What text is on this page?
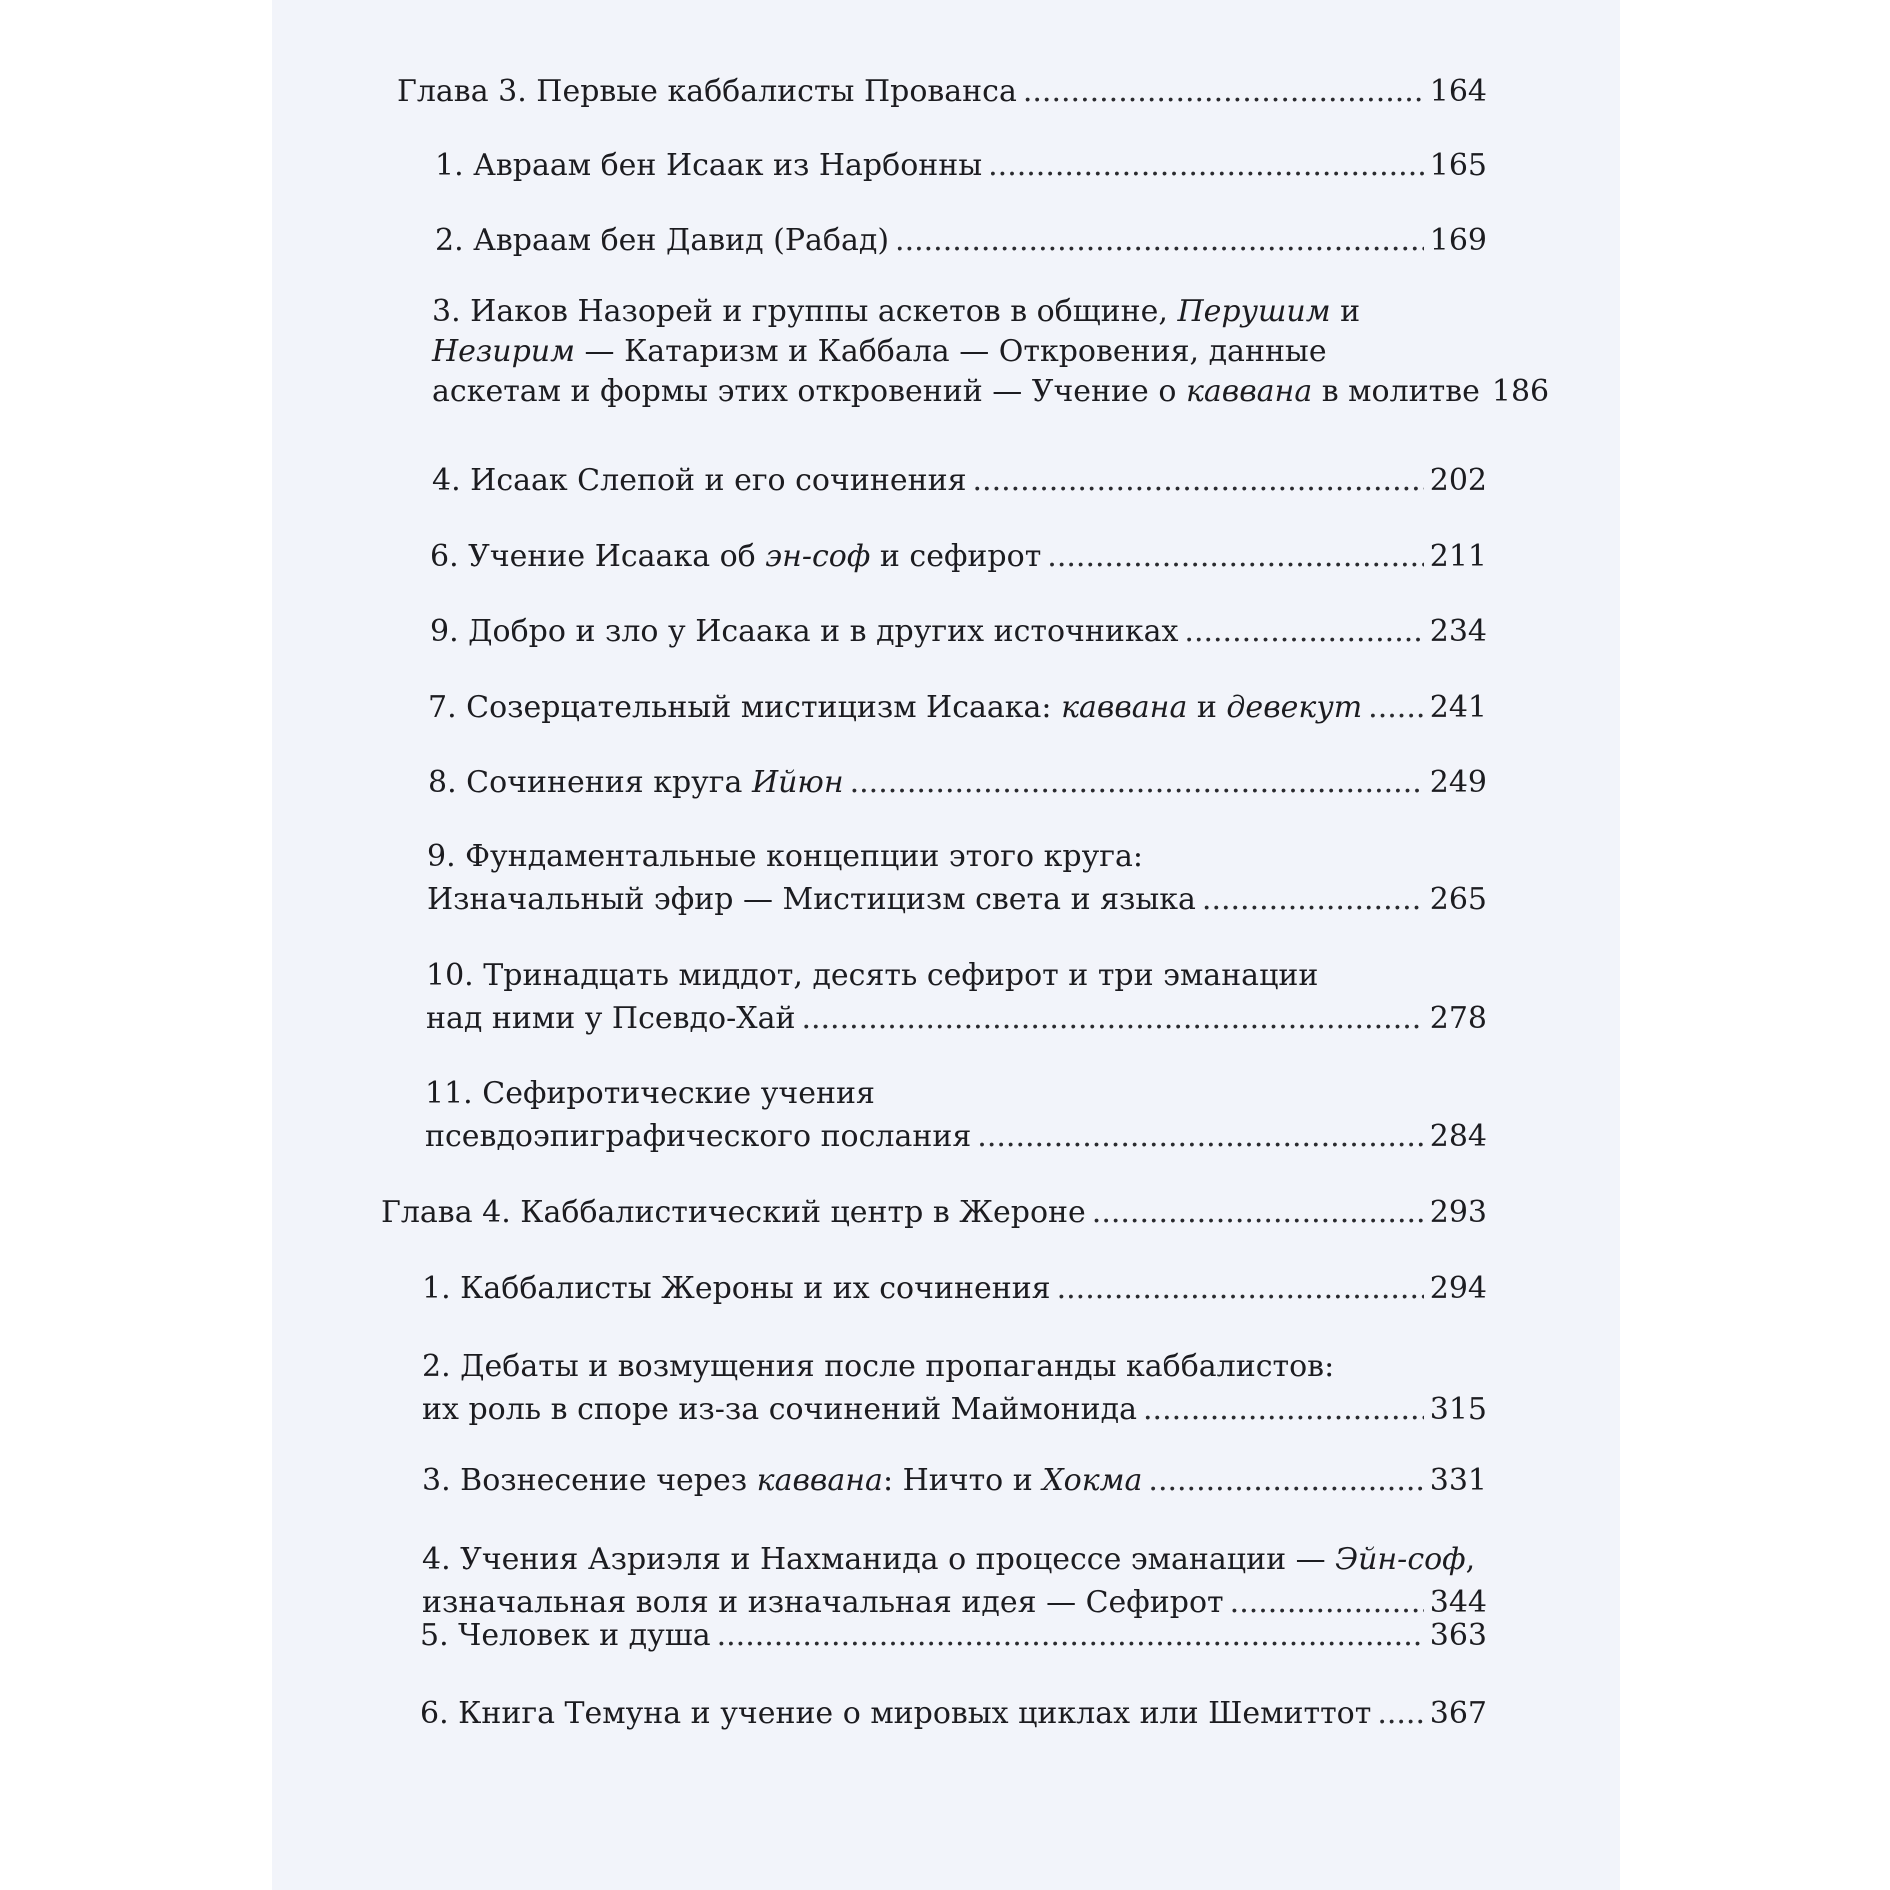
Глава 3. Первые каббалисты Прованса .....	164
1. Авраам бен Исаак из Нарбонны .....	165
2. Авраам бен Давид (Рабад) .....	169
3. Иаков Назорей и группы аскетов в общине, Перушим и
Незирим — Катаризм и Каббала — Откровения, данные
аскетам и формы этих откровений — Учение о каввана в молитве 186
4. Исаак Слепой и его сочинения .....	202
6. Учение Исаака об эн-соф и сефирот .....	211
9. Добро и зло у Исаака и в других источниках .....	234
7. Созерцательный мистицизм Исаака: каввана и девекут ..... 241
8. Сочинения круга Ийюн .....	249
9. Фундаментальные концепции этого круга:
Изначальный эфир — Мистицизм света и языка .....	265
10. Тринадцать миддот, десять сефирот и три эманации
над ними у Псевдо-Хай .....	278
11. Сефиротические учения
псевдоэпиграфического послания .....	284
Глава 4. Каббалистический центр в Жероне .....	293
1. Каббалисты Жероны и их сочинения .....	294
2. Дебаты и возмущения после пропаганды каббалистов:
их роль в споре из-за сочинений Маймонида .....	315
3. Вознесение через каввана: Ничто и Хокма .....	331
4. Учения Азриэля и Нахманида о процессе эманации — Эйн-соф,
изначальная воля и изначальная идея — Сефирот .....	344
5. Человек и душа .....	363
6. Книга Темуна и учение о мировых циклах или Шемиттот ..... 367
